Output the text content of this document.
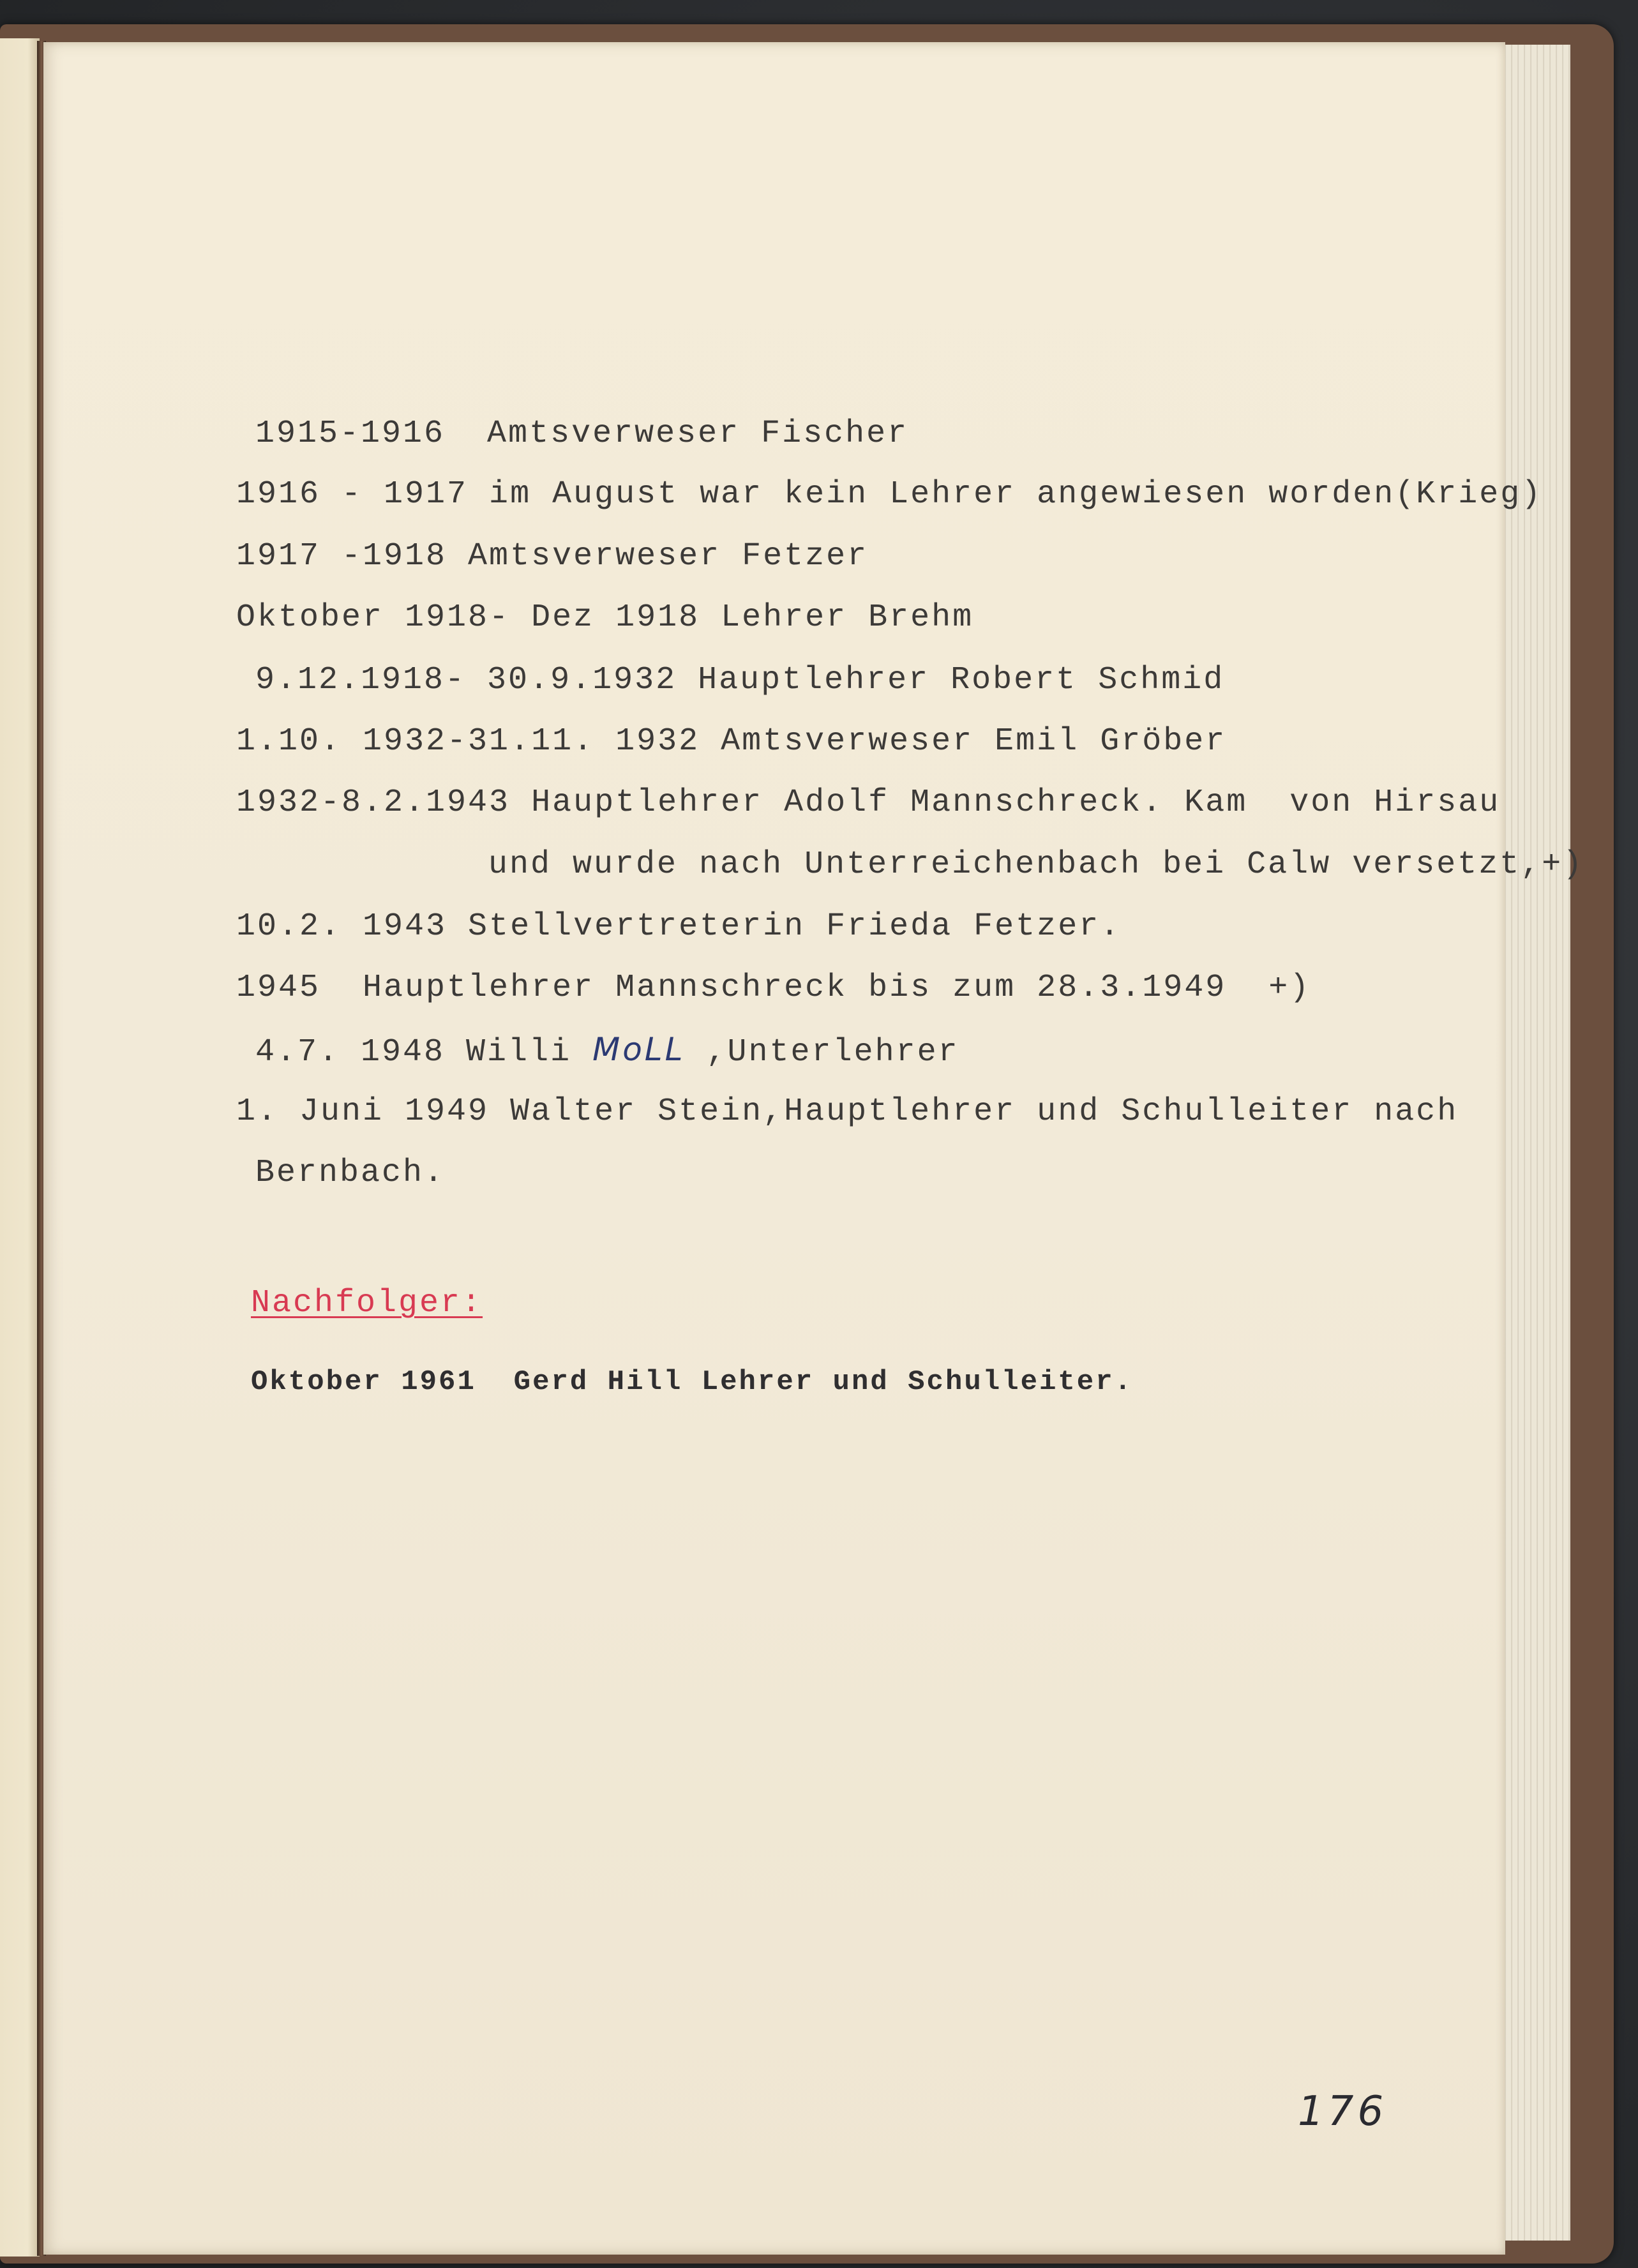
1915-1916  Amtsverweser Fischer
1916 - 1917 im August war kein Lehrer angewiesen worden(Krieg)
1917 -1918 Amtsverweser Fetzer
Oktober 1918- Dez 1918 Lehrer Brehm
9.12.1918- 30.9.1932 Hauptlehrer Robert Schmid
1.10. 1932-31.11. 1932 Amtsverweser Emil Gröber
1932-8.2.1943 Hauptlehrer Adolf Mannschreck. Kam  von Hirsau
und wurde nach Unterreichenbach bei Calw versetzt,+)
10.2. 1943 Stellvertreterin Frieda Fetzer.
1945  Hauptlehrer Mannschreck bis zum 28.3.1949  +)
4.7. 1948 Willi MoLL ,Unterlehrer
1. Juni 1949 Walter Stein,Hauptlehrer und Schulleiter nach
Bernbach.
Nachfolger:
Oktober 1961  Gerd Hill Lehrer und Schulleiter.
176
